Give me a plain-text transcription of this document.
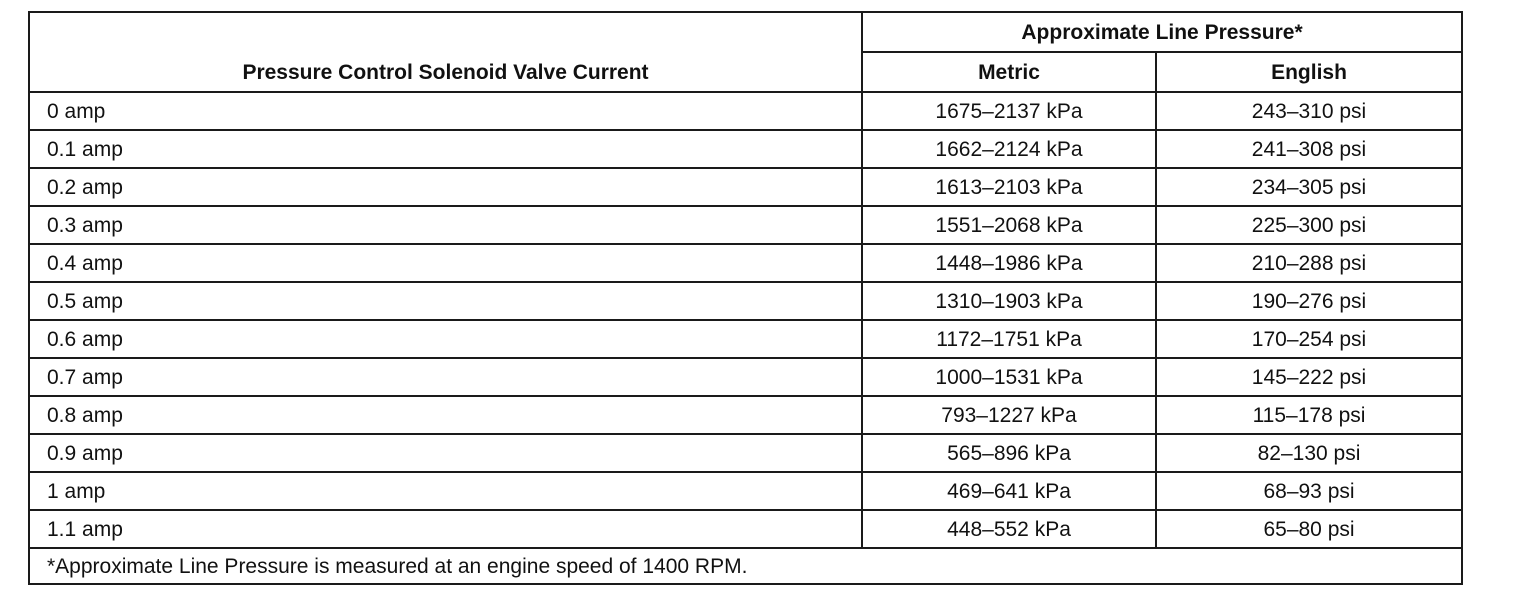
Pressure Control Solenoid Valve Current	Approximate Line Pressure*	
	Metric	English
0 amp	1675–2137 kPa	243–310 psi
0.1 amp	1662–2124 kPa	241–308 psi
0.2 amp	1613–2103 kPa	234–305 psi
0.3 amp	1551–2068 kPa	225–300 psi
0.4 amp	1448–1986 kPa	210–288 psi
0.5 amp	1310–1903 kPa	190–276 psi
0.6 amp	1172–1751 kPa	170–254 psi
0.7 amp	1000–1531 kPa	145–222 psi
0.8 amp	793–1227 kPa	115–178 psi
0.9 amp	565–896 kPa	82–130 psi
1 amp	469–641 kPa	68–93 psi
1.1 amp	448–552 kPa	65–80 psi
*Approximate Line Pressure is measured at an engine speed of 1400 RPM.		
